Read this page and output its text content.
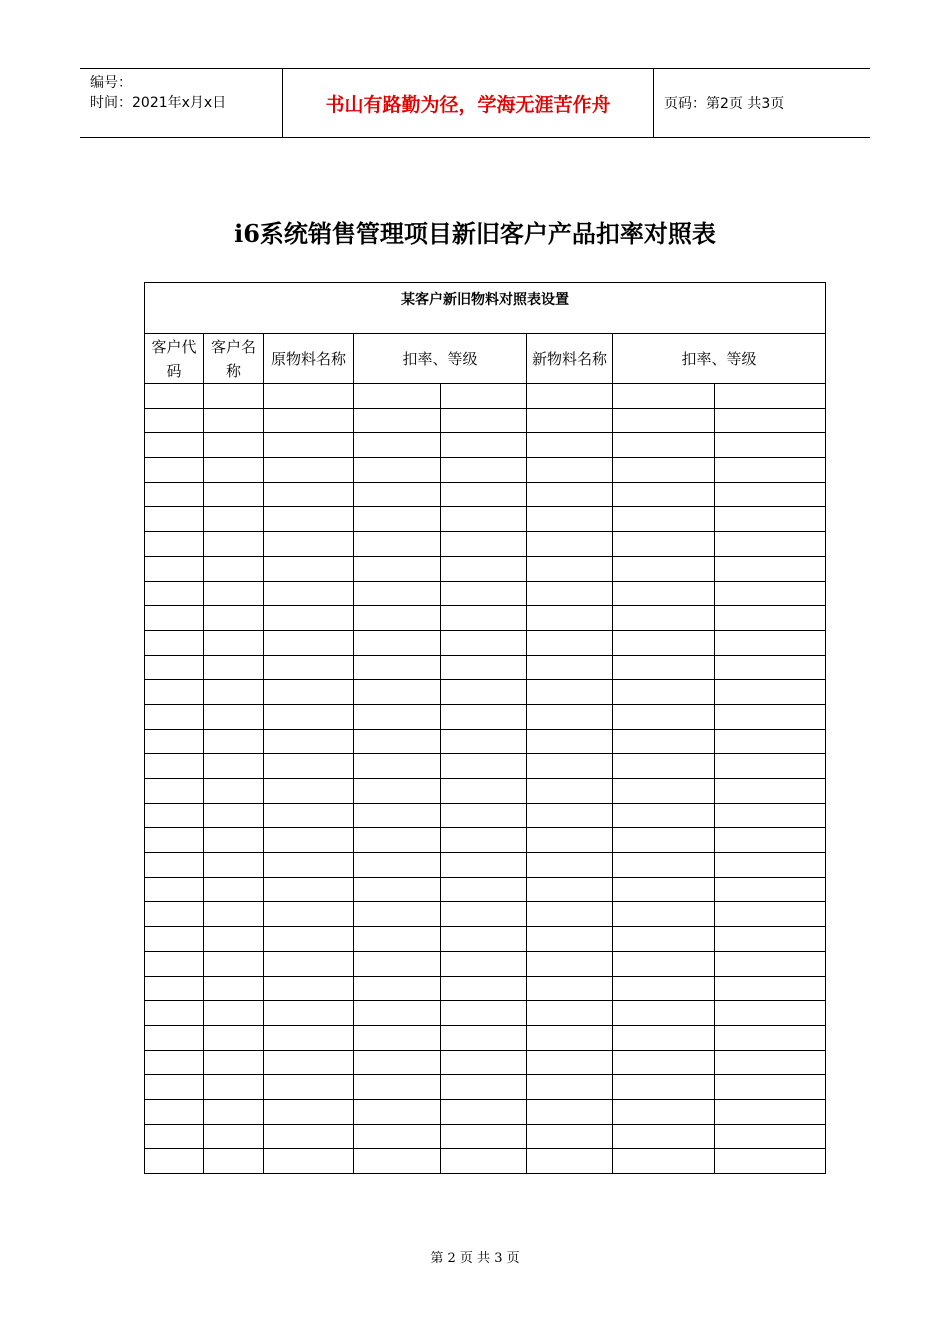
编号：
时间：2021年x月x日	书山有路勤为径，学海无涯苦作舟	页码：第2页 共3页
i6系统销售管理项目新旧客户产品扣率对照表
某客户新旧物料对照表设置							
客户代码	客户名称	原物料名称	扣率、等级		新物料名称	扣率、等级	

第 2 页 共 3 页
